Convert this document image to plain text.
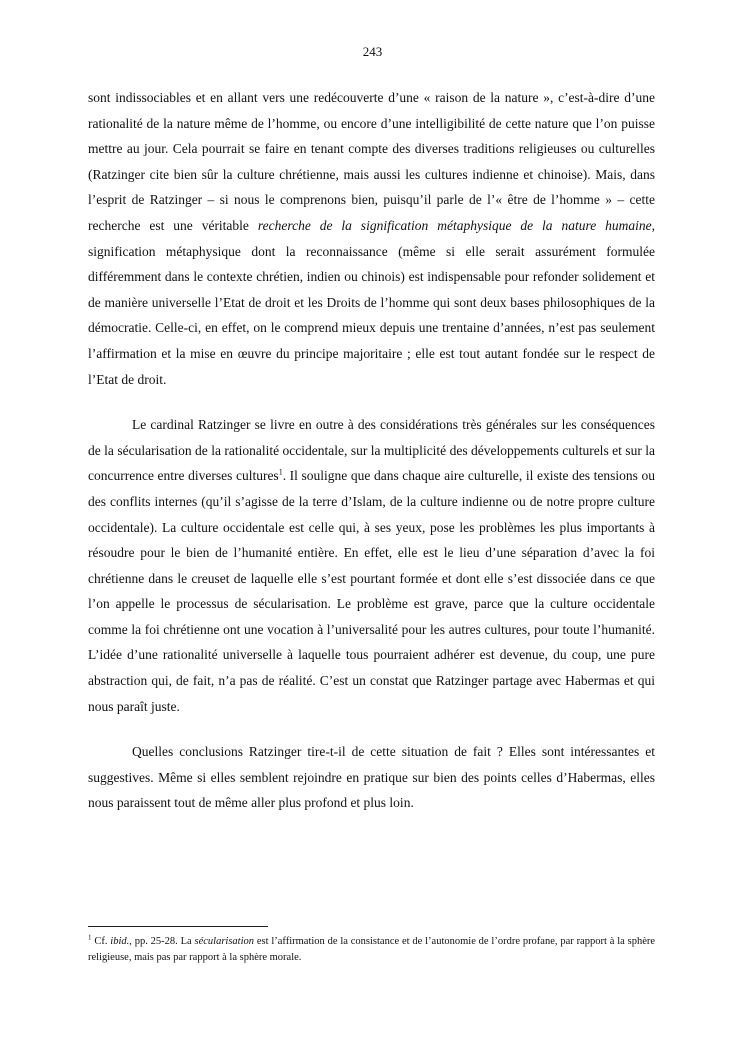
243

sont indissociables et en allant vers une redécouverte d’une « raison de la nature », c’est-à-dire d’une rationalité de la nature même de l’homme, ou encore d’une intelligibilité de cette nature que l’on puisse mettre au jour. Cela pourrait se faire en tenant compte des diverses traditions religieuses ou culturelles (Ratzinger cite bien sûr la culture chrétienne, mais aussi les cultures indienne et chinoise). Mais, dans l’esprit de Ratzinger – si nous le comprenons bien, puisqu’il parle de l’« être de l’homme » – cette recherche est une véritable recherche de la signification métaphysique de la nature humaine, signification métaphysique dont la reconnaissance (même si elle serait assurément formulée différemment dans le contexte chrétien, indien ou chinois) est indispensable pour refonder solidement et de manière universelle l’Etat de droit et les Droits de l’homme qui sont deux bases philosophiques de la démocratie. Celle-ci, en effet, on le comprend mieux depuis une trentaine d’années, n’est pas seulement l’affirmation et la mise en œuvre du principe majoritaire ; elle est tout autant fondée sur le respect de l’Etat de droit.

Le cardinal Ratzinger se livre en outre à des considérations très générales sur les conséquences de la sécularisation de la rationalité occidentale, sur la multiplicité des développements culturels et sur la concurrence entre diverses cultures$^1$. Il souligne que dans chaque aire culturelle, il existe des tensions ou des conflits internes (qu’il s’agisse de la terre d’Islam, de la culture indienne ou de notre propre culture occidentale). La culture occidentale est celle qui, à ses yeux, pose les problèmes les plus importants à résoudre pour le bien de l’humanité entière. En effet, elle est le lieu d’une séparation d’avec la foi chrétienne dans le creuset de laquelle elle s’est pourtant formée et dont elle s’est dissociée dans ce que l’on appelle le processus de sécularisation. Le problème est grave, parce que la culture occidentale comme la foi chrétienne ont une vocation à l’universalité pour les autres cultures, pour toute l’humanité. L’idée d’une rationalité universelle à laquelle tous pourraient adhérer est devenue, du coup, une pure abstraction qui, de fait, n’a pas de réalité. C’est un constat que Ratzinger partage avec Habermas et qui nous paraît juste.

Quelles conclusions Ratzinger tire-t-il de cette situation de fait ? Elles sont intéressantes et suggestives. Même si elles semblent rejoindre en pratique sur bien des points celles d’Habermas, elles nous paraissent tout de même aller plus profond et plus loin.

$^1$ Cf. ibid., pp. 25-28. La sécularisation est l’affirmation de la consistance et de l’autonomie de l’ordre profane, par rapport à la sphère religieuse, mais pas par rapport à la sphère morale.
